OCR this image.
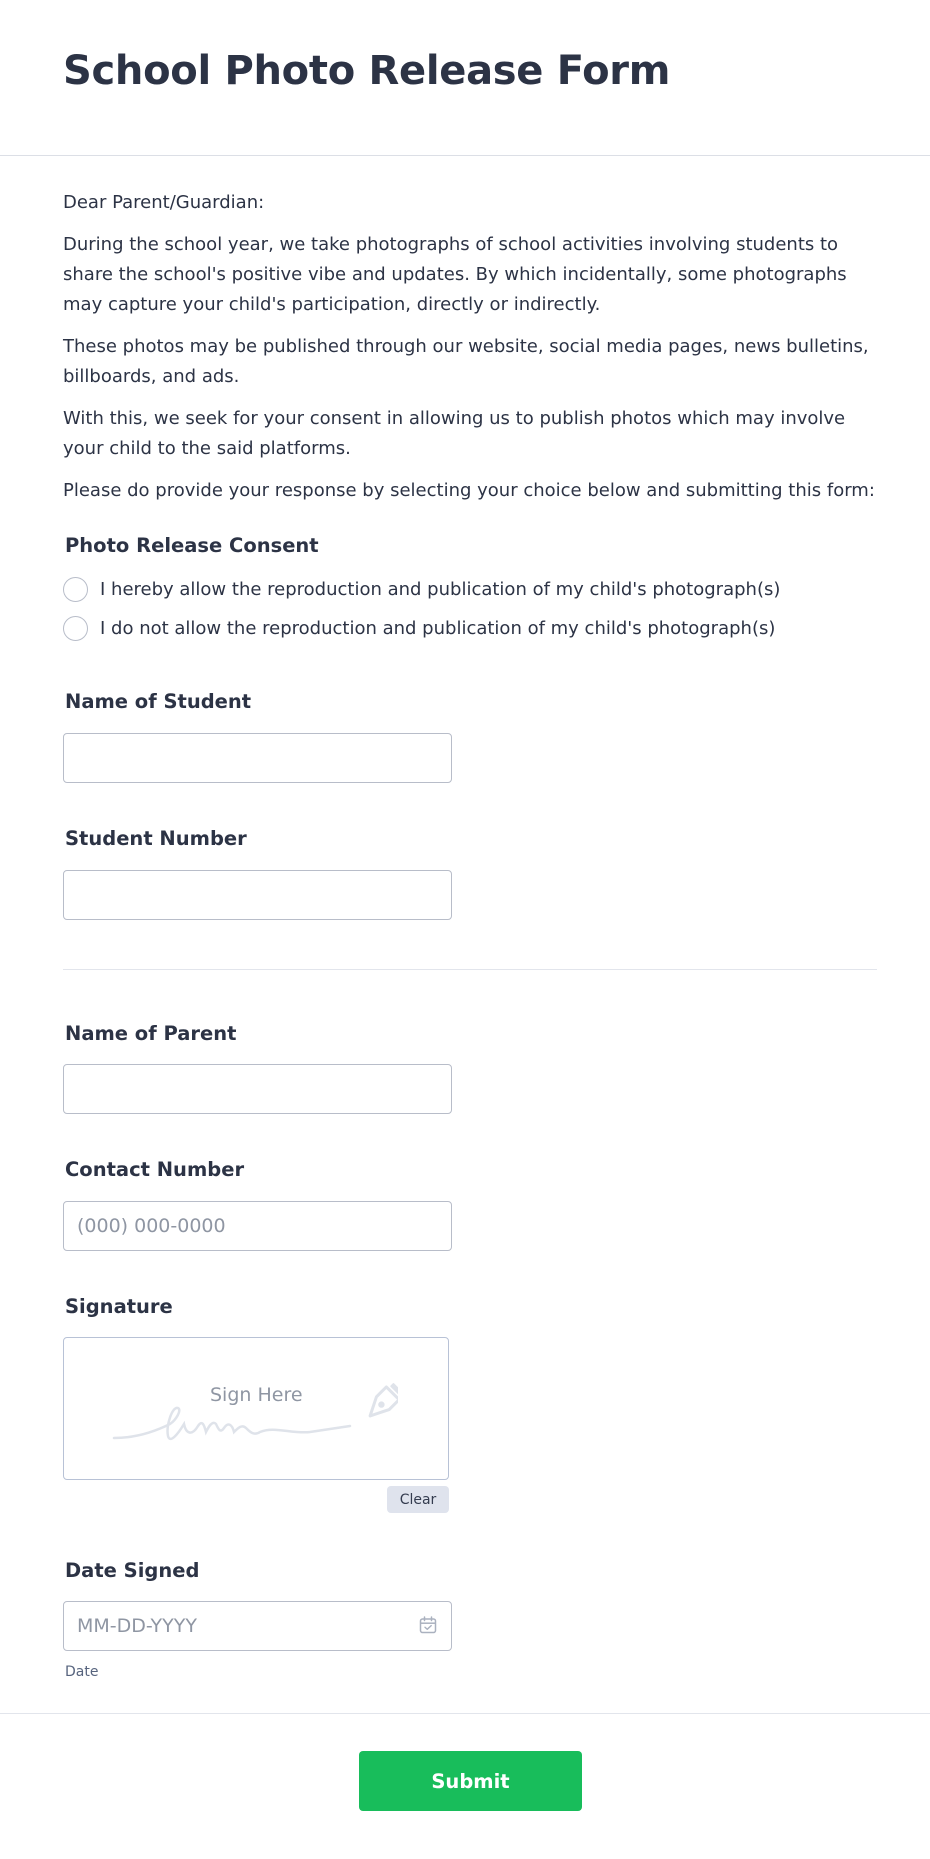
School Photo Release Form

Dear Parent/Guardian:

During the school year, we take photographs of school activities involving students to share the school's positive vibe and updates. By which incidentally, some photographs may capture your child's participation, directly or indirectly.

These photos may be published through our website, social media pages, news bulletins, billboards, and ads.

With this, we seek for your consent in allowing us to publish photos which may involve your child to the said platforms.

Please do provide your response by selecting your choice below and submitting this form:

Photo Release Consent
I hereby allow the reproduction and publication of my child's photograph(s)
I do not allow the reproduction and publication of my child's photograph(s)
Name of Student
Student Number
Name of Parent
Contact Number
(000) 000-0000
Signature
Sign Here
Clear
Date Signed
MM-DD-YYYY
Date
Submit
